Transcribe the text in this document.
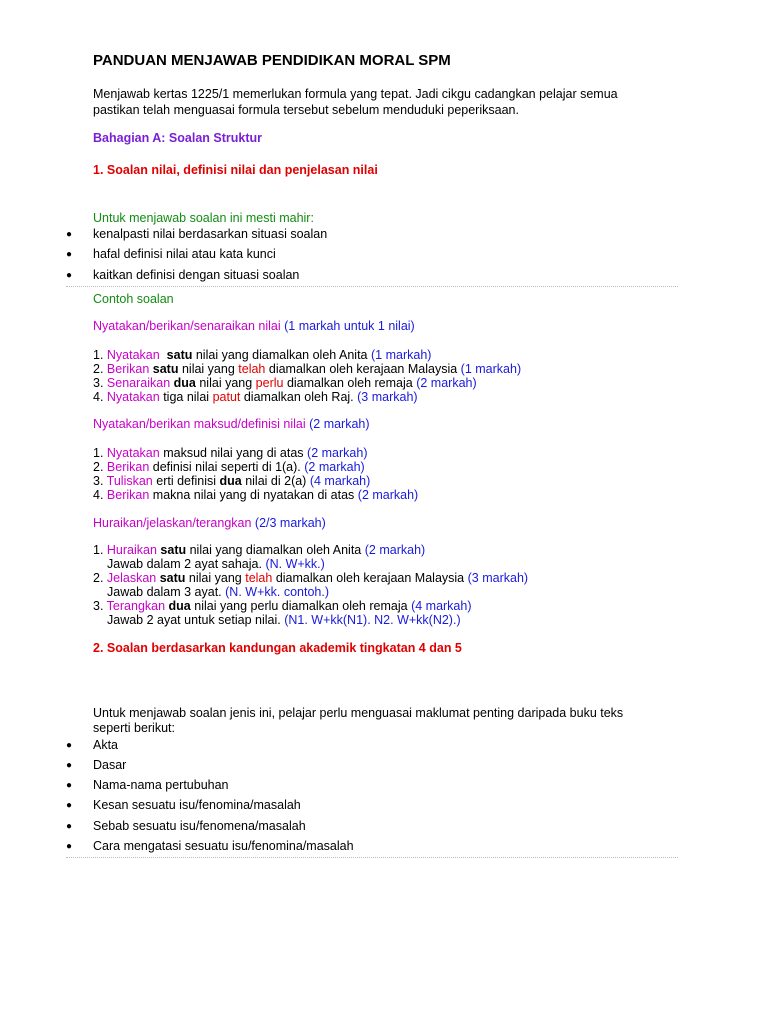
PANDUAN MENJAWAB PENDIDIKAN MORAL SPM
Menjawab kertas 1225/1 memerlukan formula yang tepat. Jadi cikgu cadangkan pelajar semua
pastikan telah menguasai formula tersebut sebelum menduduki peperiksaan.
Bahagian A: Soalan Struktur
1. Soalan nilai, definisi nilai dan penjelasan nilai
Untuk menjawab soalan ini mesti mahir:
● kenalpasti nilai berdasarkan situasi soalan
● hafal definisi nilai atau kata kunci
● kaitkan definisi dengan situasi soalan
Contoh soalan
Nyatakan/berikan/senaraikan nilai (1 markah untuk 1 nilai)
1. Nyatakan satu nilai yang diamalkan oleh Anita (1 markah)
2. Berikan satu nilai yang telah diamalkan oleh kerajaan Malaysia (1 markah)
3. Senaraikan dua nilai yang perlu diamalkan oleh remaja (2 markah)
4. Nyatakan tiga nilai patut diamalkan oleh Raj. (3 markah)
Nyatakan/berikan maksud/definisi nilai (2 markah)
1. Nyatakan maksud nilai yang di atas (2 markah)
2. Berikan definisi nilai seperti di 1(a). (2 markah)
3. Tuliskan erti definisi dua nilai di 2(a) (4 markah)
4. Berikan makna nilai yang di nyatakan di atas (2 markah)
Huraikan/jelaskan/terangkan (2/3 markah)
1. Huraikan satu nilai yang diamalkan oleh Anita (2 markah)
Jawab dalam 2 ayat sahaja. (N. W+kk.)
2. Jelaskan satu nilai yang telah diamalkan oleh kerajaan Malaysia (3 markah)
Jawab dalam 3 ayat. (N. W+kk. contoh.)
3. Terangkan dua nilai yang perlu diamalkan oleh remaja (4 markah)
Jawab 2 ayat untuk setiap nilai. (N1. W+kk(N1). N2. W+kk(N2).)
2. Soalan berdasarkan kandungan akademik tingkatan 4 dan 5
Untuk menjawab soalan jenis ini, pelajar perlu menguasai maklumat penting daripada buku teks
seperti berikut:
● Akta
● Dasar
● Nama-nama pertubuhan
● Kesan sesuatu isu/fenomina/masalah
● Sebab sesuatu isu/fenomena/masalah
● Cara mengatasi sesuatu isu/fenomina/masalah
